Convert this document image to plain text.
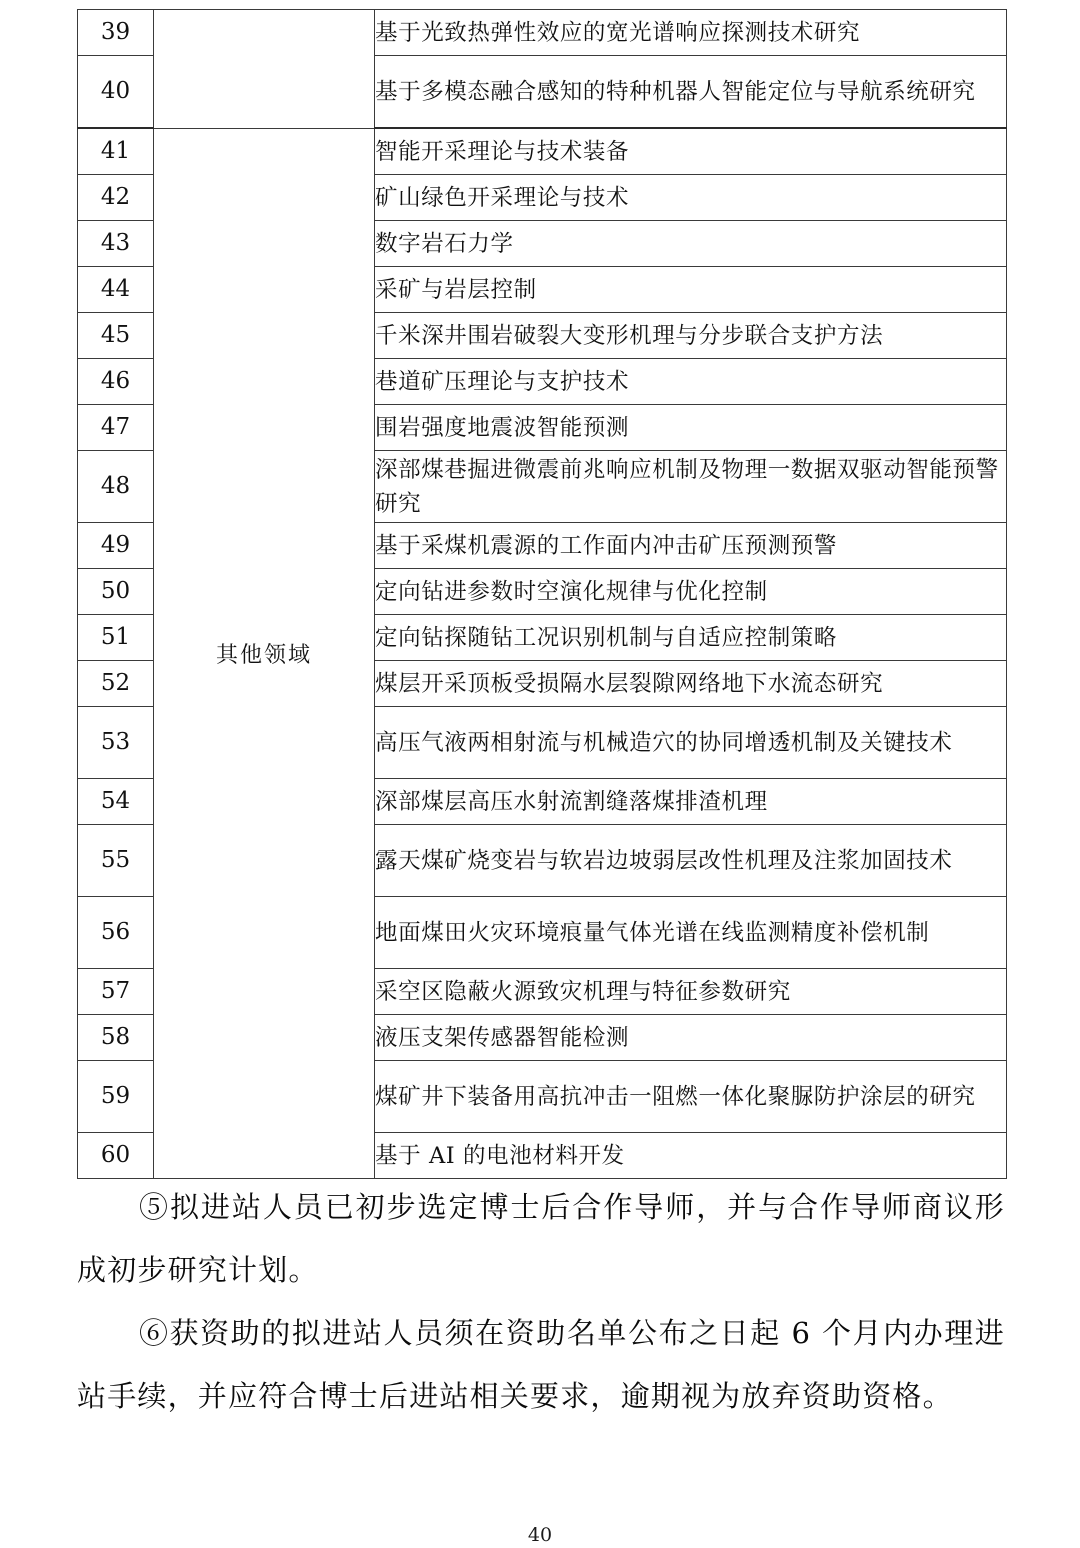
39		基于光致热弹性效应的宽光谱响应探测技术研究
40		基于多模态融合感知的特种机器人智能定位与导航系统研究
41	其他领域	智能开采理论与技术装备
42		矿山绿色开采理论与技术
43		数字岩石力学
44		采矿与岩层控制
45		千米深井围岩破裂大变形机理与分步联合支护方法
46		巷道矿压理论与支护技术
47		围岩强度地震波智能预测
48		深部煤巷掘进微震前兆响应机制及物理一数据双驱动智能预警研究
49		基于采煤机震源的工作面内冲击矿压预测预警
50		定向钻进参数时空演化规律与优化控制
51		定向钻探随钻工况识别机制与自适应控制策略
52		煤层开采顶板受损隔水层裂隙网络地下水流态研究
53		高压气液两相射流与机械造穴的协同增透机制及关键技术
54		深部煤层高压水射流割缝落煤排渣机理
55		露天煤矿烧变岩与软岩边坡弱层改性机理及注浆加固技术
56		地面煤田火灾环境痕量气体光谱在线监测精度补偿机制
57		采空区隐蔽火源致灾机理与特征参数研究
58		液压支架传感器智能检测
59		煤矿井下装备用高抗冲击一阻燃一体化聚脲防护涂层的研究
60		基于 AI 的电池材料开发
⑤拟进站人员已初步选定博士后合作导师，并与合作导师商议形成初步研究计划。
⑥获资助的拟进站人员须在资助名单公布之日起 6 个月内办理进站手续，并应符合博士后进站相关要求，逾期视为放弃资助资格。
40
